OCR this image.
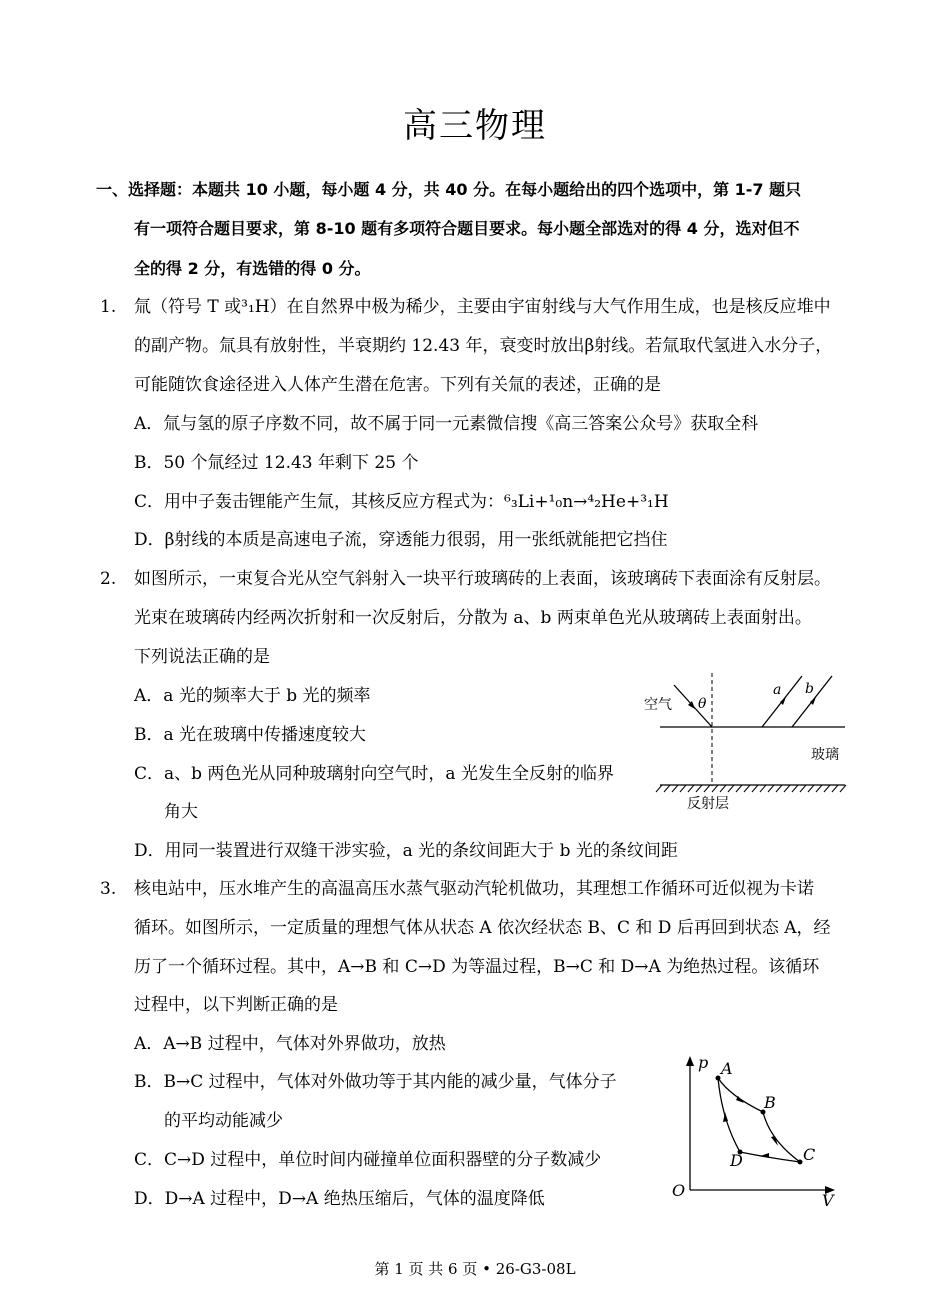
高三物理
一、选择题：本题共 10 小题，每小题 4 分，共 40 分。在每小题给出的四个选项中，第 1-7 题只
有一项符合题目要求，第 8-10 题有多项符合题目要求。每小题全部选对的得 4 分，选对但不
全的得 2 分，有选错的得 0 分。
1. 氚（符号 T 或³₁H）在自然界中极为稀少，主要由宇宙射线与大气作用生成，也是核反应堆中
的副产物。氚具有放射性，半衰期约 12.43 年，衰变时放出β射线。若氚取代氢进入水分子，
可能随饮食途径进入人体产生潜在危害。下列有关氚的表述，正确的是
A．氚与氢的原子序数不同，故不属于同一元素微信搜《高三答案公众号》获取全科
B．50 个氚经过 12.43 年剩下 25 个
C．用中子轰击锂能产生氚，其核反应方程式为：⁶₃Li+¹₀n→⁴₂He+³₁H
D．β射线的本质是高速电子流，穿透能力很弱，用一张纸就能把它挡住
2. 如图所示，一束复合光从空气斜射入一块平行玻璃砖的上表面，该玻璃砖下表面涂有反射层。
光束在玻璃砖内经两次折射和一次反射后，分散为 a、b 两束单色光从玻璃砖上表面射出。
下列说法正确的是
A．a 光的频率大于 b 光的频率
B．a 光在玻璃中传播速度较大
C．a、b 两色光从同种玻璃射向空气时，a 光发生全反射的临界
角大
D．用同一装置进行双缝干涉实验，a 光的条纹间距大于 b 光的条纹间距
空气 θ
a b
玻璃
反射层
3. 核电站中，压水堆产生的高温高压水蒸气驱动汽轮机做功，其理想工作循环可近似视为卡诺
循环。如图所示，一定质量的理想气体从状态 A 依次经状态 B、C 和 D 后再回到状态 A，经
历了一个循环过程。其中，A→B 和 C→D 为等温过程，B→C 和 D→A 为绝热过程。该循环
过程中，以下判断正确的是
A．A→B 过程中，气体对外界做功，放热
B．B→C 过程中，气体对外做功等于其内能的减少量，气体分子
的平均动能减少
C．C→D 过程中，单位时间内碰撞单位面积器壁的分子数减少
D．D→A 过程中，D→A 绝热压缩后，气体的温度降低
p
V
O
A
B
C
D
第 1 页 共 6 页 • 26-G3-08L
